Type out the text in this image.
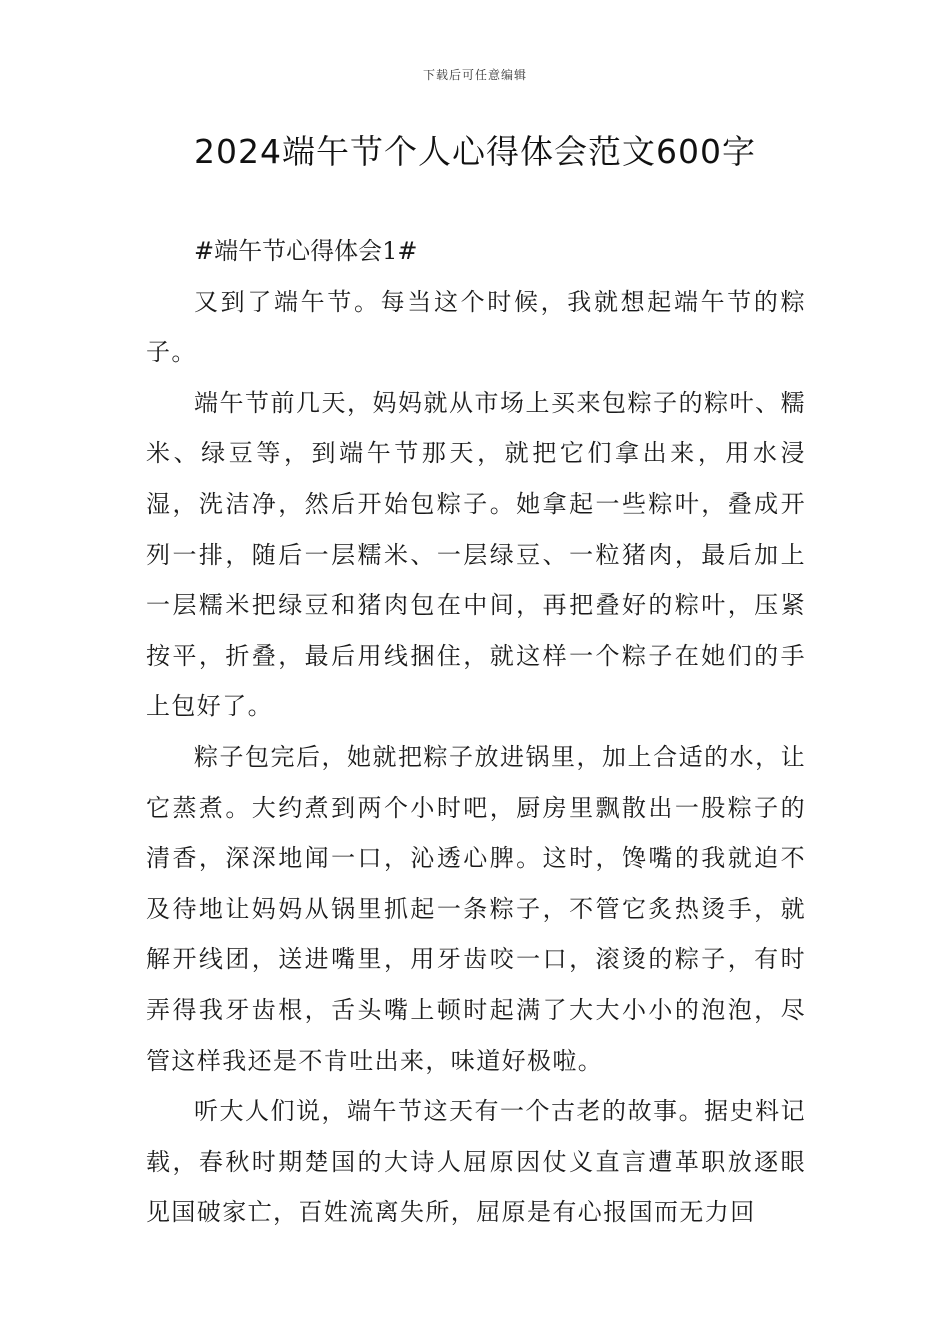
下载后可任意编辑
2024端午节个人心得体会范文600字

#端午节心得体会1#

又到了端午节。每当这个时候，我就想起端午节的粽子。

端午节前几天，妈妈就从市场上买来包粽子的粽叶、糯米、绿豆等，到端午节那天，就把它们拿出来，用水浸湿，洗洁净，然后开始包粽子。她拿起一些粽叶，叠成开列一排，随后一层糯米、一层绿豆、一粒猪肉，最后加上一层糯米把绿豆和猪肉包在中间，再把叠好的粽叶，压紧按平，折叠，最后用线捆住，就这样一个粽子在她们的手上包好了。

粽子包完后，她就把粽子放进锅里，加上合适的水，让它蒸煮。大约煮到两个小时吧，厨房里飘散出一股粽子的清香，深深地闻一口，沁透心脾。这时，馋嘴的我就迫不及待地让妈妈从锅里抓起一条粽子，不管它炙热烫手，就解开线团，送进嘴里，用牙齿咬一口，滚烫的粽子，有时弄得我牙齿根，舌头嘴上顿时起满了大大小小的泡泡，尽管这样我还是不肯吐出来，味道好极啦。

听大人们说，端午节这天有一个古老的故事。据史料记载，春秋时期楚国的大诗人屈原因仗义直言遭革职放逐眼见国破家亡，百姓流离失所，屈原是有心报国而无力回
